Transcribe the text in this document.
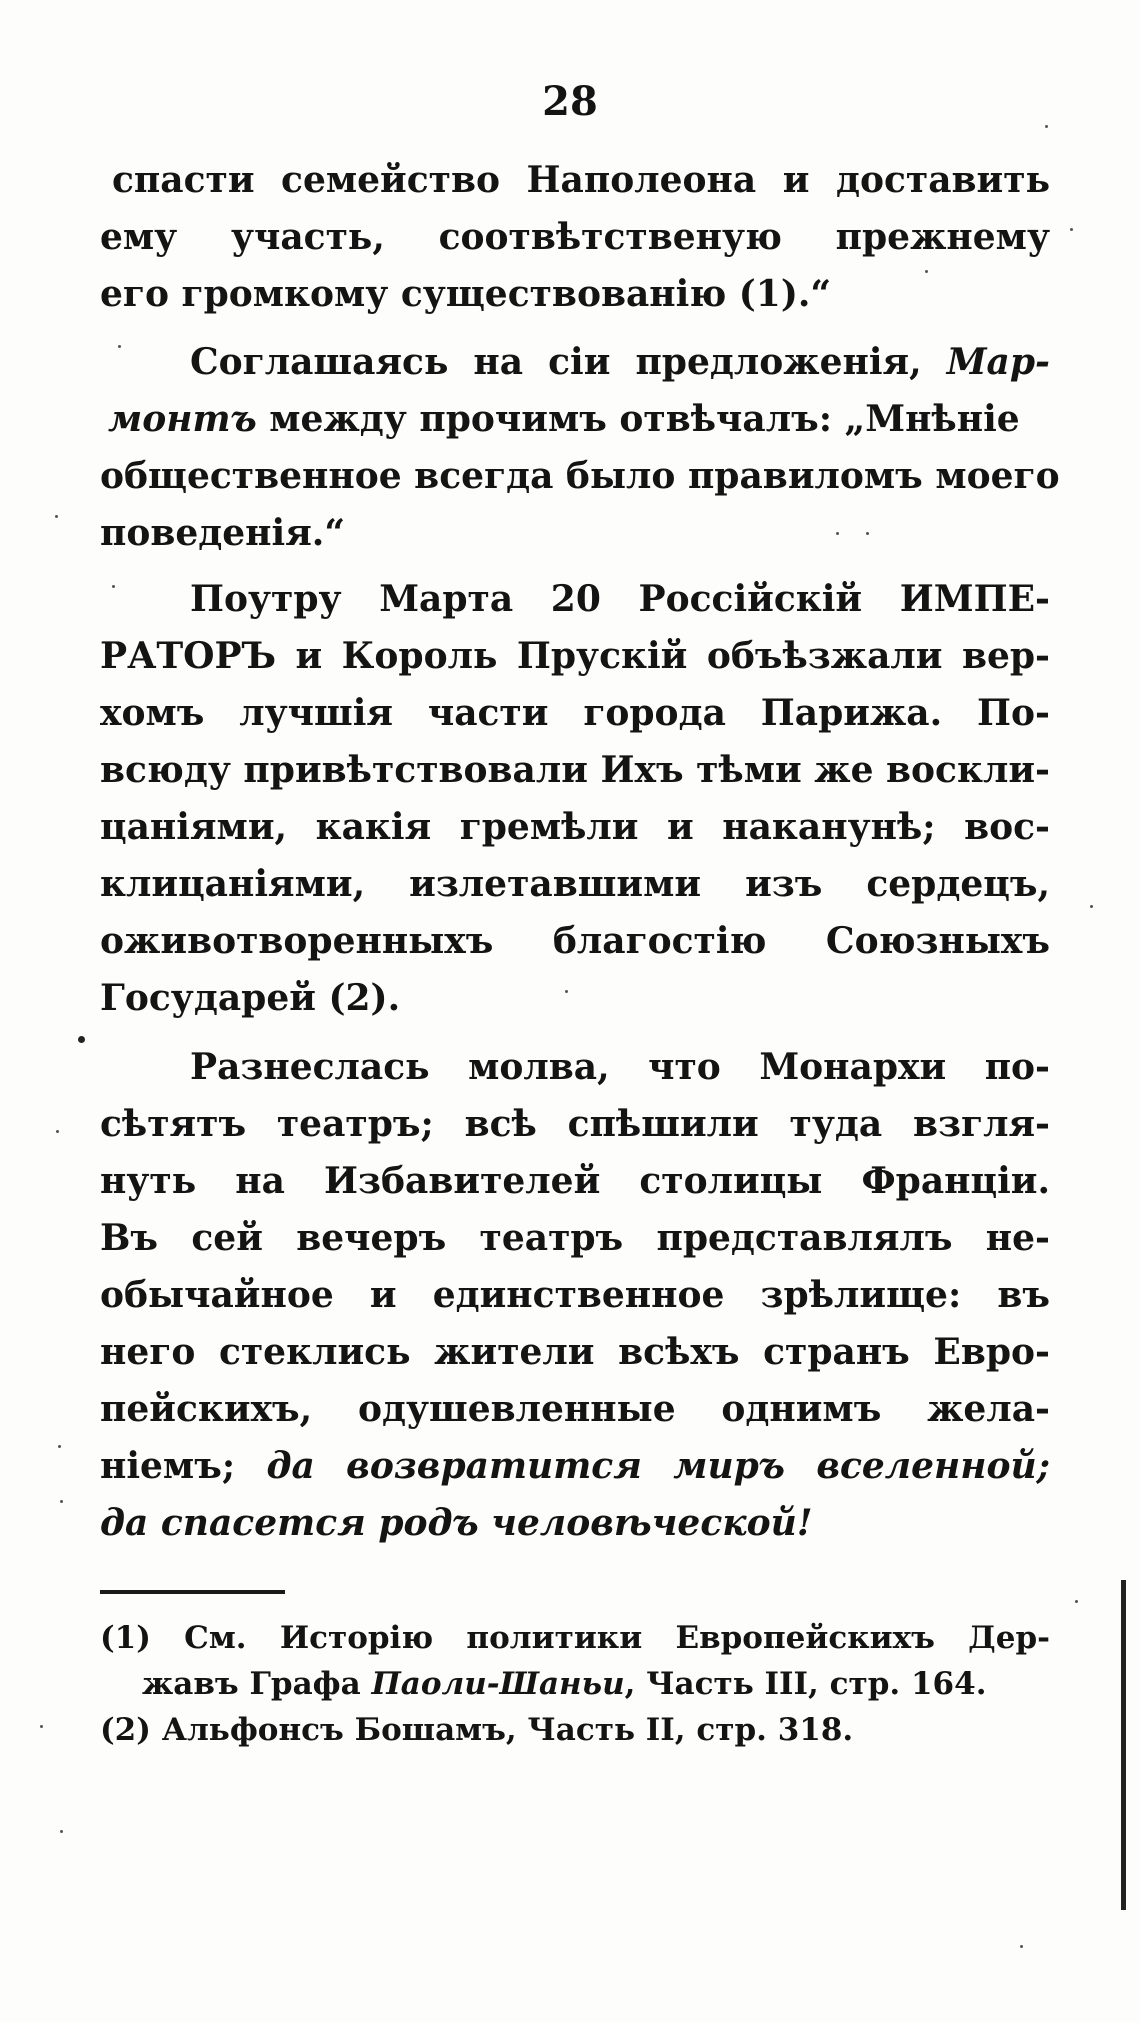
28
спасти семейство Наполеона и доставить
ему участь, соотвѣтственую прежнему
его громкому существованію (1).“
Соглашаясь на сіи предложенія, Мар-
монтъ между прочимъ отвѣчалъ: „Мнѣніе
общественное всегда было правиломъ моего
поведенія.“
Поутру Марта 20 Россійскій ИМПЕ-
РАТОРЪ и Король Прускій объѣзжали вер-
хомъ лучшія части города Парижа. По-
всюду привѣтствовали Ихъ тѣми же воскли-
цаніями, какія гремѣли и наканунѣ; вос-
клицаніями, излетавшими изъ сердецъ,
оживотворенныхъ благостію Союзныхъ
Государей (2).
Разнеслась молва, что Монархи по-
сѣтятъ театръ; всѣ спѣшили туда взгля-
нуть на Избавителей столицы Франціи.
Въ сей вечеръ театръ представлялъ не-
обычайное и единственное зрѣлище: въ
него стеклись жители всѣхъ странъ Евро-
пейскихъ, одушевленные однимъ жела-
ніемъ; да возвратится миръ вселенной;
да спасется родъ человѣческой!
(1) См. Исторію политики Европейскихъ Дер-
жавъ Графа Паоли-Шаньи, Часть III, стр. 164.
(2) Альфонсъ Бошамъ, Часть II, стр. 318.
